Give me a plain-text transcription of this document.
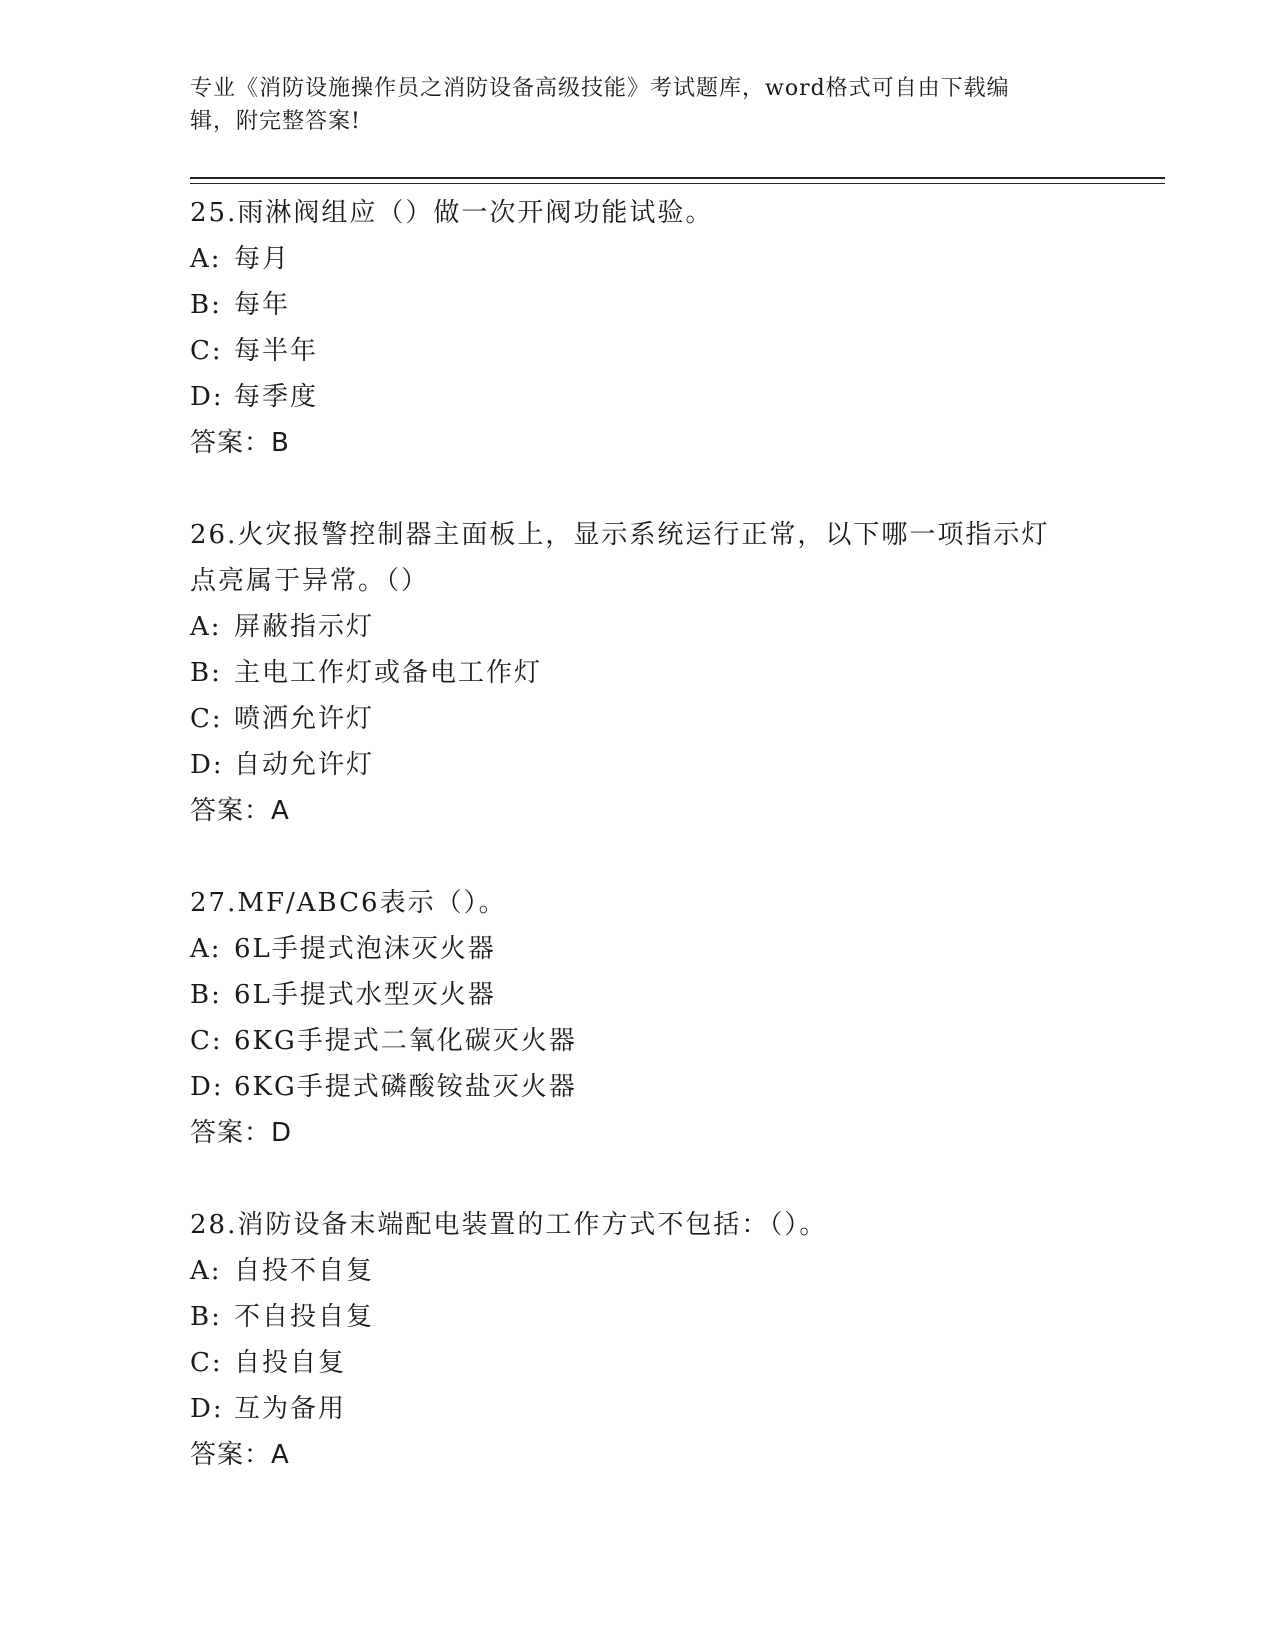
专业《消防设施操作员之消防设备高级技能》考试题库，word格式可自由下载编
辑，附完整答案!

25.雨淋阀组应（）做一次开阀功能试验。

A: 每月

B: 每年

C: 每半年

D: 每季度

答案：B

26.火灾报警控制器主面板上，显示系统运行正常，以下哪一项指示灯点亮属于异常。（）

A: 屏蔽指示灯

B: 主电工作灯或备电工作灯

C: 喷洒允许灯

D: 自动允许灯

答案：A

27.MF/ABC6表示（）。

A: 6L手提式泡沫灭火器

B: 6L手提式水型灭火器

C: 6KG手提式二氧化碳灭火器

D: 6KG手提式磷酸铵盐灭火器

答案：D

28.消防设备末端配电装置的工作方式不包括：（）。

A: 自投不自复

B: 不自投自复

C: 自投自复

D: 互为备用

答案：A
